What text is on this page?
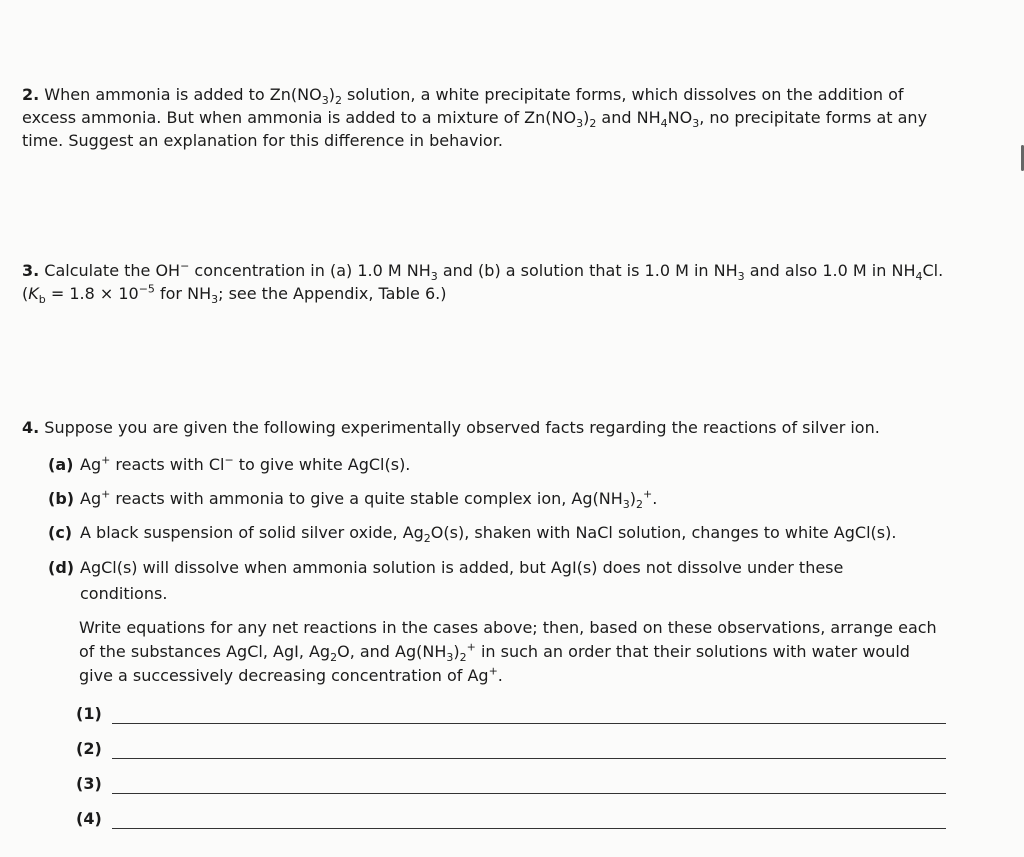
2. When ammonia is added to $Zn(NO_3)_2$ solution, a white precipitate forms, which dissolves on the addition of excess ammonia. But when ammonia is added to a mixture of $Zn(NO_3)_2$ and $NH_4NO_3$, no precipitate forms at any time. Suggest an explanation for this difference in behavior.
3. Calculate the OH− concentration in (a) 1.0 M $NH_3$ and (b) a solution that is 1.0 M in $NH_3$ and also 1.0 M in $NH_4Cl$. ($K_b = 1.8 \times 10^{-5}$ for $NH_3$; see the Appendix, Table 6.)
4. Suppose you are given the following experimentally observed facts regarding the reactions of silver ion.
(a) Ag+ reacts with Cl− to give white AgCl(s).
(b) Ag+ reacts with ammonia to give a quite stable complex ion, $Ag(NH_3)_2^+$.
(c) A black suspension of solid silver oxide, $Ag_2O(s)$, shaken with NaCl solution, changes to white AgCl(s).
(d) AgCl(s) will dissolve when ammonia solution is added, but AgI(s) does not dissolve under these
conditions.
Write equations for any net reactions in the cases above; then, based on these observations, arrange each of the substances AgCl, AgI, $Ag_2O$, and $Ag(NH_3)_2^+$ in such an order that their solutions with water would give a successively decreasing concentration of Ag+.
(1)
(2)
(3)
(4)
